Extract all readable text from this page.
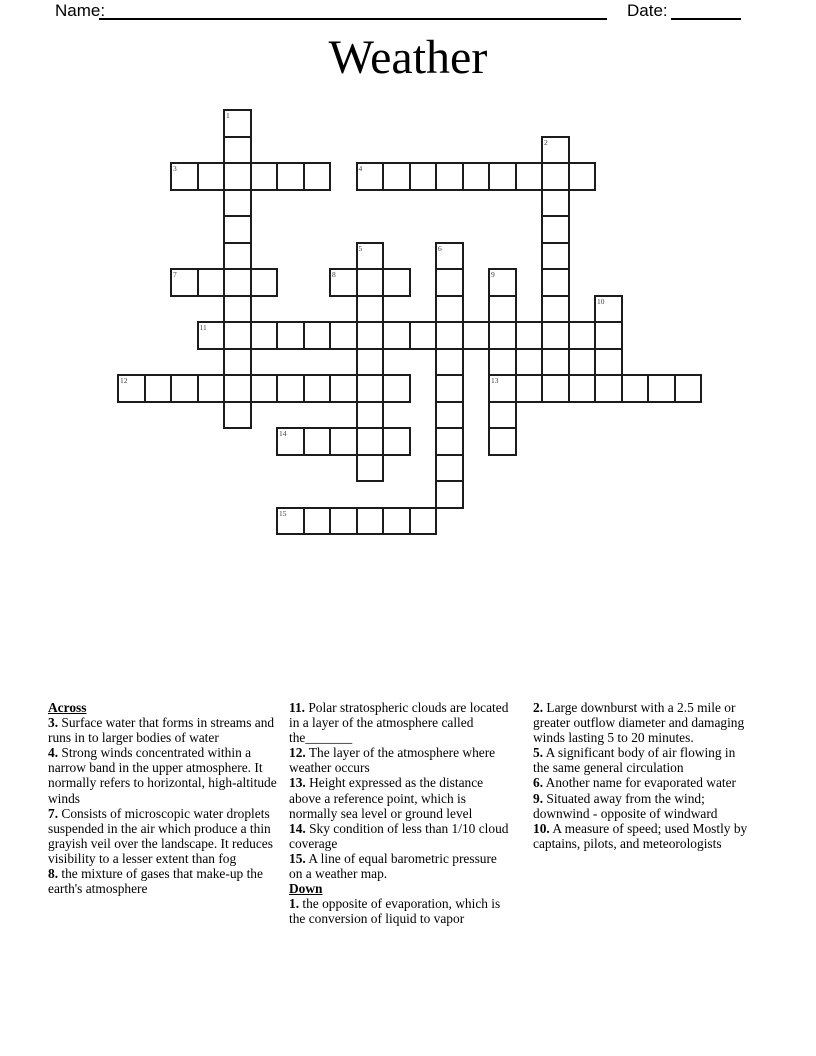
Name:	Date:
Weather
3	4
7	8
11
12	13
14
15
1
2
5	6
9
10
Across
3. Surface water that forms in streams and runs in to larger bodies of water
4. Strong winds concentrated within a narrow band in the upper atmosphere. It normally refers to horizontal, high-altitude winds
7. Consists of microscopic water droplets suspended in the air which produce a thin grayish veil over the landscape. It reduces visibility to a lesser extent than fog
8. the mixture of gases that make-up the earth's atmosphere
11. Polar stratospheric clouds are located in a layer of the atmosphere called the_______
12. The layer of the atmosphere where weather occurs
13. Height expressed as the distance above a reference point, which is normally sea level or ground level
14. Sky condition of less than 1/10 cloud coverage
15. A line of equal barometric pressure on a weather map.
Down
1. the opposite of evaporation, which is the conversion of liquid to vapor
2. Large downburst with a 2.5 mile or greater outflow diameter and damaging winds lasting 5 to 20 minutes.
5. A significant body of air flowing in the same general circulation
6. Another name for evaporated water
9. Situated away from the wind; downwind - opposite of windward
10. A measure of speed; used Mostly by captains, pilots, and meteorologists
